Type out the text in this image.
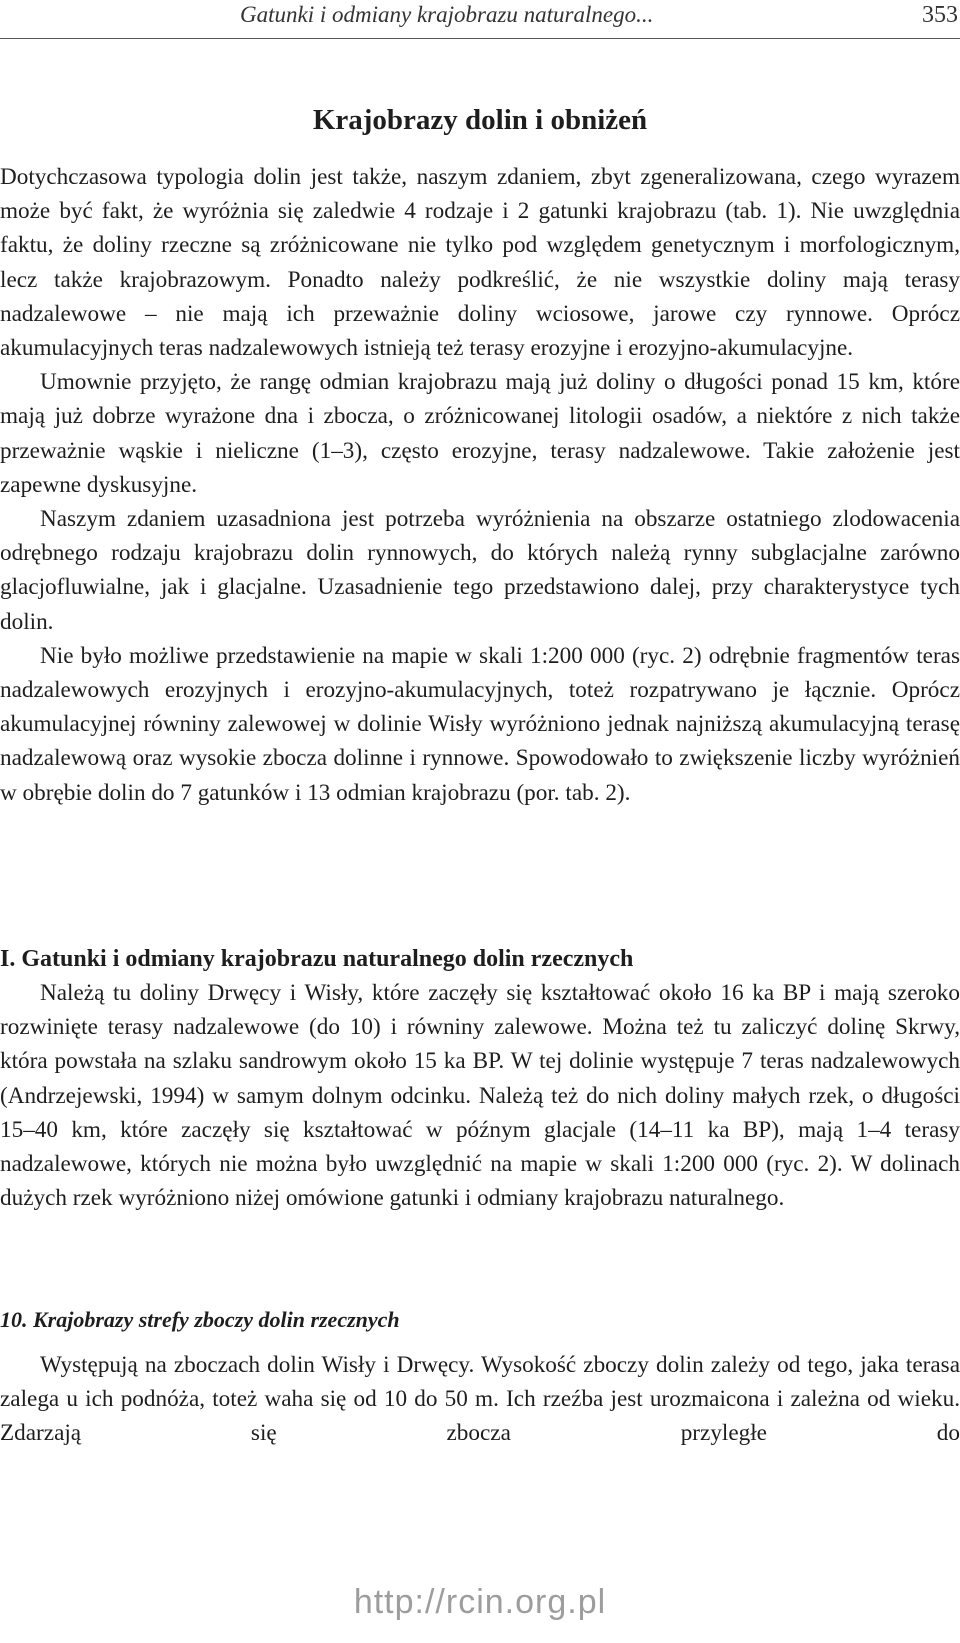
Gatunki i odmiany krajobrazu naturalnego...	353
Krajobrazy dolin i obniżeń

Dotychczasowa typologia dolin jest także, naszym zdaniem, zbyt zgeneralizowana, czego wyrazem może być fakt, że wyróżnia się zaledwie 4 rodzaje i 2 gatunki krajobrazu (tab. 1). Nie uwzględnia faktu, że doliny rzeczne są zróżnicowane nie tylko pod względem genetycznym i morfologicznym, lecz także krajobrazowym. Ponadto należy podkreślić, że nie wszystkie doliny mają terasy nadzalewowe – nie mają ich przeważnie doliny wciosowe, jarowe czy rynnowe. Oprócz akumulacyjnych teras nadzalewowych istnieją też terasy erozyjne i erozyjno-akumulacyjne.

Umownie przyjęto, że rangę odmian krajobrazu mają już doliny o długości ponad 15 km, które mają już dobrze wyrażone dna i zbocza, o zróżnicowanej litologii osadów, a niektóre z nich także przeważnie wąskie i nieliczne (1–3), często erozyjne, terasy nadzalewowe. Takie założenie jest zapewne dyskusyjne.

Naszym zdaniem uzasadniona jest potrzeba wyróżnienia na obszarze ostatniego zlodowacenia odrębnego rodzaju krajobrazu dolin rynnowych, do których należą rynny subglacjalne zarówno glacjofluwialne, jak i glacjalne. Uzasadnienie tego przedstawiono dalej, przy charakterystyce tych dolin.

Nie było możliwe przedstawienie na mapie w skali 1:200 000 (ryc. 2) odrębnie fragmentów teras nadzalewowych erozyjnych i erozyjno-akumulacyjnych, toteż rozpatrywano je łącznie. Oprócz akumulacyjnej równiny zalewowej w dolinie Wisły wyróżniono jednak najniższą akumulacyjną terasę nadzalewową oraz wysokie zbocza dolinne i rynnowe. Spowodowało to zwiększenie liczby wyróżnień w obrębie dolin do 7 gatunków i 13 odmian krajobrazu (por. tab. 2).

I. Gatunki i odmiany krajobrazu naturalnego dolin rzecznych

Należą tu doliny Drwęcy i Wisły, które zaczęły się kształtować około 16 ka BP i mają szeroko rozwinięte terasy nadzalewowe (do 10) i równiny zalewowe. Można też tu zaliczyć dolinę Skrwy, która powstała na szlaku sandrowym około 15 ka BP. W tej dolinie występuje 7 teras nadzalewowych (Andrzejewski, 1994) w samym dolnym odcinku. Należą też do nich doliny małych rzek, o długości 15–40 km, które zaczęły się kształtować w późnym glacjale (14–11 ka BP), mają 1–4 terasy nadzalewowe, których nie można było uwzględnić na mapie w skali 1:200 000 (ryc. 2). W dolinach dużych rzek wyróżniono niżej omówione gatunki i odmiany krajobrazu naturalnego.

10. Krajobrazy strefy zboczy dolin rzecznych

Występują na zboczach dolin Wisły i Drwęcy. Wysokość zboczy dolin zależy od tego, jaka terasa zalega u ich podnóża, toteż waha się od 10 do 50 m. Ich rzeźba jest urozmaicona i zależna od wieku. Zdarzają się zbocza przyległe do

http://rcin.org.pl
